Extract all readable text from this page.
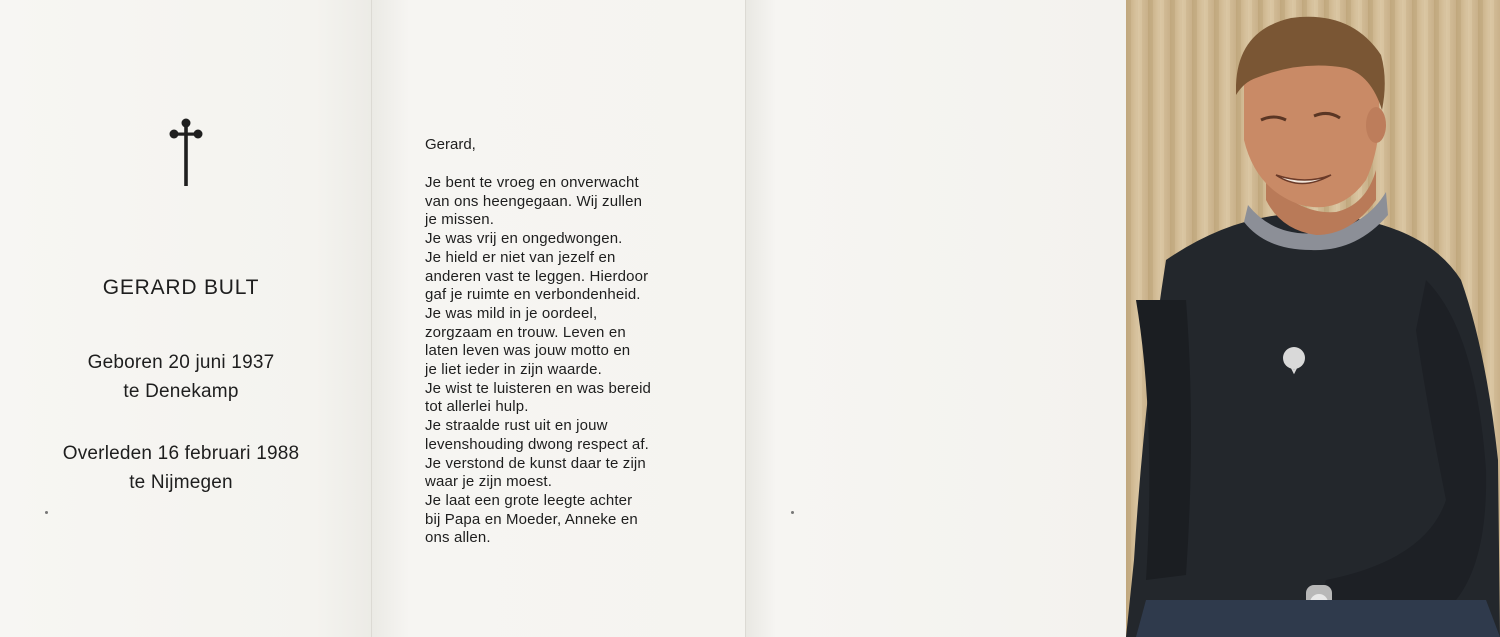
GERARD BULT
Geboren 20 juni 1937
te Denekamp
Overleden 16 februari 1988
te Nijmegen
Gerard,
Je bent te vroeg en onverwacht
van ons heengegaan. Wij zullen
je missen.
Je was vrij en ongedwongen.
Je hield er niet van jezelf en
anderen vast te leggen. Hierdoor
gaf je ruimte en verbondenheid.
Je was mild in je oordeel,
zorgzaam en trouw. Leven en
laten leven was jouw motto en
je liet ieder in zijn waarde.
Je wist te luisteren en was bereid
tot allerlei hulp.
Je straalde rust uit en jouw
levenshouding dwong respect af.
Je verstond de kunst daar te zijn
waar je zijn moest.
Je laat een grote leegte achter
bij Papa en Moeder, Anneke en
ons allen.
